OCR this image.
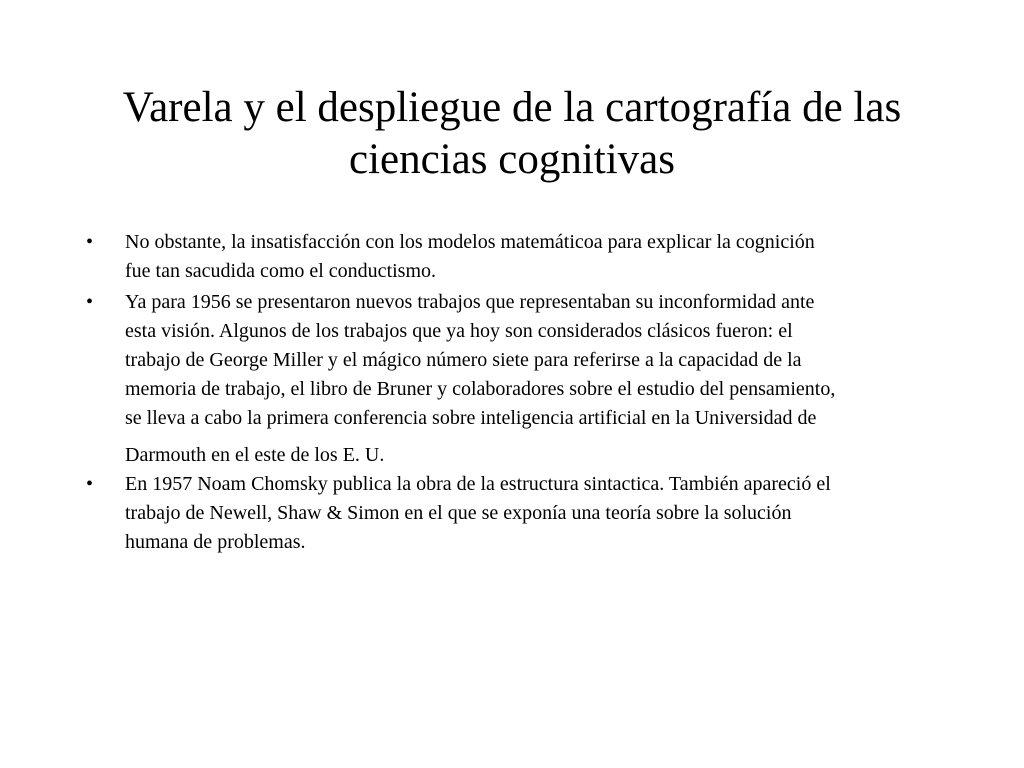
Varela y el despliegue de la cartografía de las
ciencias cognitivas
• No obstante, la insatisfacción con los modelos matemáticoa para explicar la cognición
fue tan sacudida como el conductismo.
• Ya para 1956 se presentaron nuevos trabajos que representaban su inconformidad ante
esta visión. Algunos de los trabajos que ya hoy son considerados clásicos fueron: el
trabajo de George Miller y el mágico número siete para referirse a la capacidad de la
memoria de trabajo, el libro de Bruner y colaboradores sobre el estudio del pensamiento,
se lleva a cabo la primera conferencia sobre inteligencia artificial en la Universidad de
Darmouth en el este de los E. U.
• En 1957 Noam Chomsky publica la obra de la estructura sintactica. También apareció el
trabajo de Newell, Shaw & Simon en el que se exponía una teoría sobre la solución
humana de problemas.
